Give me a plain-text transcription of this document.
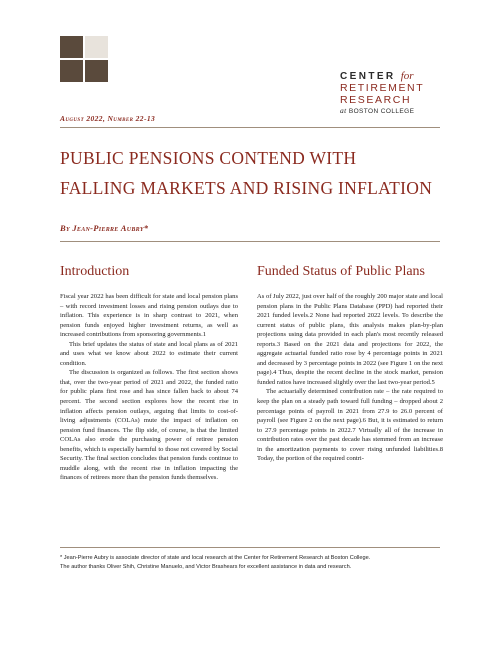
CENTER for
RETIREMENT
RESEARCH
at BOSTON COLLEGE
August 2022, Number 22-13
PUBLIC PENSIONS CONTEND WITH
FALLING MARKETS AND RISING INFLATION
By Jean-Pierre Aubry*
Introduction

Fiscal year 2022 has been difficult for state and local pension plans – with record investment losses and rising pension outlays due to inflation. This experience is in sharp contrast to 2021, when pension funds enjoyed higher investment returns, as well as increased contributions from sponsoring governments.1

This brief updates the status of state and local plans as of 2021 and uses what we know about 2022 to estimate their current condition.

The discussion is organized as follows. The first section shows that, over the two-year period of 2021 and 2022, the funded ratio for public plans first rose and has since fallen back to about 74 percent. The second section explores how the recent rise in inflation affects pension outlays, arguing that limits to cost-of-living adjustments (COLAs) mute the impact of inflation on pension fund finances. The flip side, of course, is that the limited COLAs also erode the purchasing power of retiree pension benefits, which is especially harmful to those not covered by Social Security. The final section concludes that pension funds continue to muddle along, with the recent rise in inflation impacting the finances of retirees more than the pension funds themselves.

Funded Status of Public Plans

As of July 2022, just over half of the roughly 200 major state and local pension plans in the Public Plans Database (PPD) had reported their 2021 funded levels.2 None had reported 2022 levels. To describe the current status of public plans, this analysis makes plan-by-plan projections using data provided in each plan's most recently released reports.3 Based on the 2021 data and projections for 2022, the aggregate actuarial funded ratio rose by 4 percentage points in 2021 and decreased by 3 percentage points in 2022 (see Figure 1 on the next page).4 Thus, despite the recent decline in the stock market, pension funded ratios have increased slightly over the last two-year period.5

The actuarially determined contribution rate – the rate required to keep the plan on a steady path toward full funding – dropped about 2 percentage points of payroll in 2021 from 27.9 to 26.0 percent of payroll (see Figure 2 on the next page).6 But, it is estimated to return to 27.9 percentage points in 2022.7 Virtually all of the increase in contribution rates over the past decade has stemmed from an increase in the amortization payments to cover rising unfunded liabilities.8 Today, the portion of the required contri-

* Jean-Pierre Aubry is associate director of state and local research at the Center for Retirement Research at Boston College.
The author thanks Oliver Shih, Christine Manuelo, and Victor Brashears for excellent assistance in data and research.
